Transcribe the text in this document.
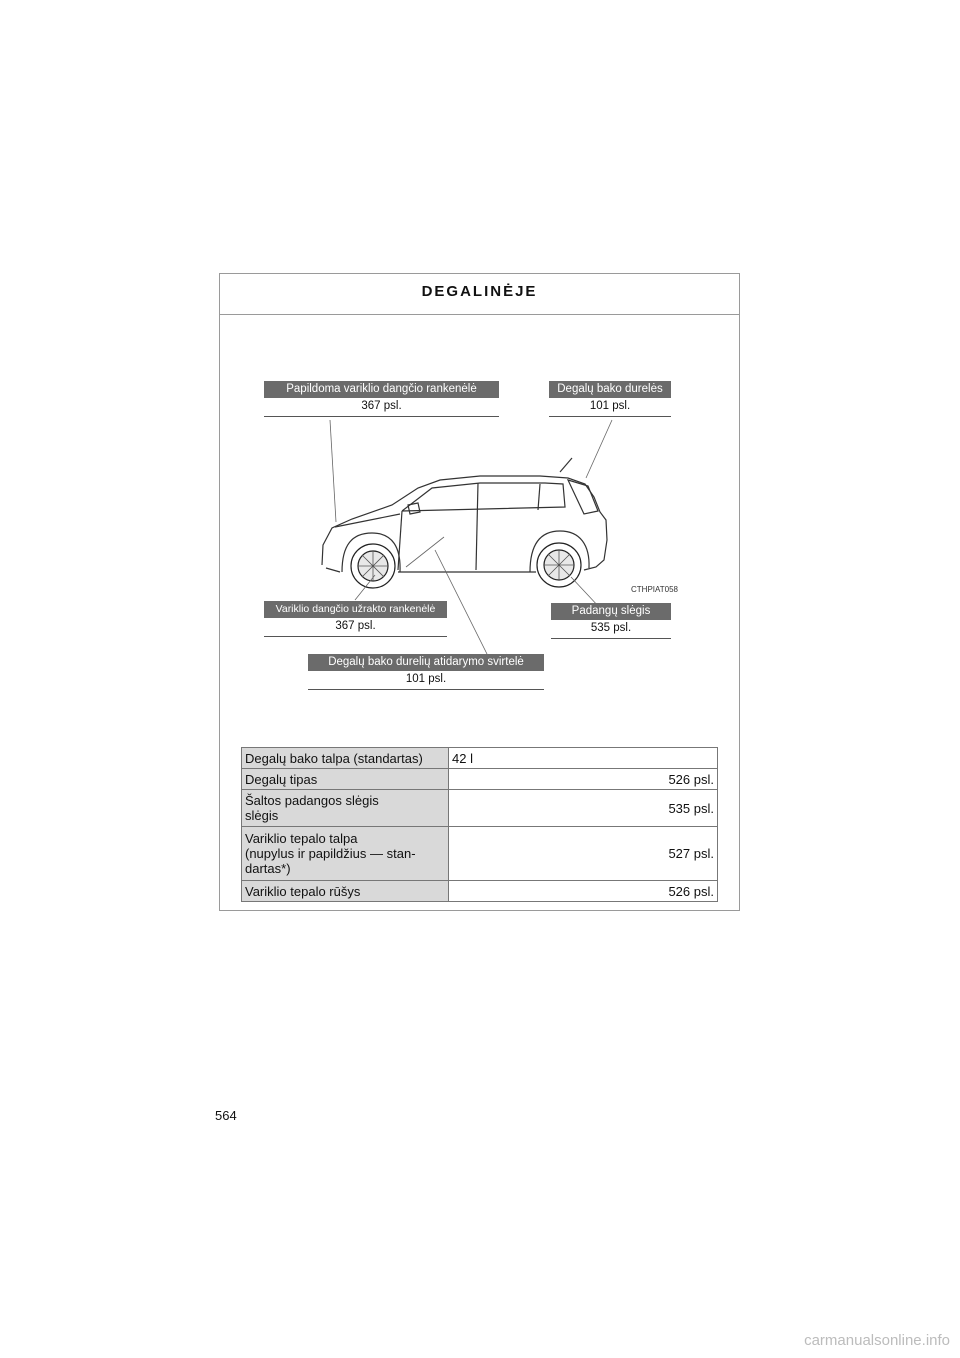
DEGALINĖJE
Papildoma variklio dangčio rankenėlė
367 psl.
Degalų bako durelės
101 psl.
Variklio dangčio užrakto rankenėlė
367 psl.
Padangų slėgis
535 psl.
Degalų bako durelių atidarymo svirtelė
101 psl.
CTHPIAT058
Degalų bako talpa (standartas)	42 l
Degalų tipas	526 psl.

Šaltos padangos slėgis
slėgis	535 psl.

Variklio tepalo talpa
(nupylus ir papildžius — stan-
dartas*)	527 psl.
Variklio tepalo rūšys	526 psl.
564
carmanualsonline.info
